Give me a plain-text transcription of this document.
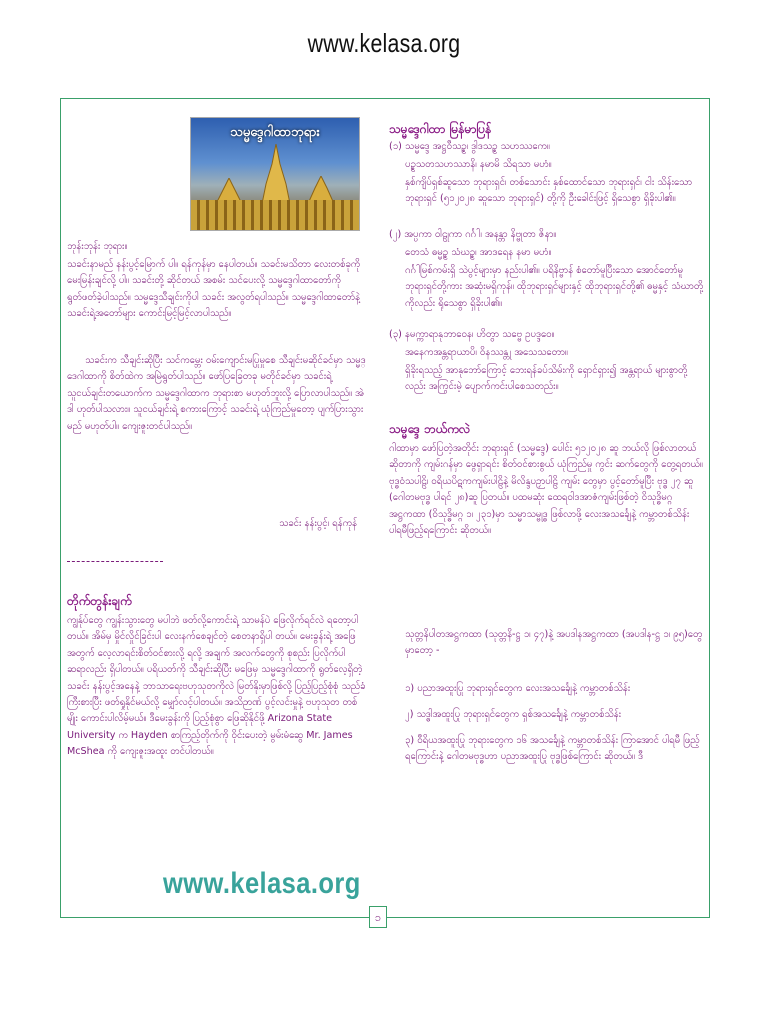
www.kelasa.org
သမ္မဒ္ဒေဂါထာဘုရား
ဘုန်းဘုန်း ဘုရား။
သခင်းနာမည် နန်းပွင့်မြောက် ပါ။ ရန်ကုန်မှာ နေပါတယ်။ သခင်းမသိတာ လေးတစ်ခုကို မေးမြန်းချင်လို့ ပါ။ သခင်းတို့ ဆိုင်တယ် အစမ်း သင်ပေးလို့ သမ္မဒ္ဒေဂါထာတော်ကို ရွတ်ဖတ်ခဲ့ပါသည်။ သမ္မဒ္ဒေသီချင်းကိုပါ သခင်း အလွတ်ရပါသည်။ သမ္မဒ္ဒေဂါထာတော်နဲ့ သခင်းရဲ့အတော်များ ကောင်းမြင့်မြင့်လာပါသည်။
သခင်းက သီချင်းဆိုပြီး သင်ကမ္ဘေး ဝမ်းကျောင်းမပြုမှုစေ သီချင်းမဆိုင်ခင်မှာ သမ္မဒ္ဒေဂါထာကို စိတ်ထဲက အမြဲရွတ်ပါသည်။ ဖော်ပြခြေတခု မတိုင်ခင်မှာ သခင်းရဲ့ သူငယ်ချင်းတယောက်က သမ္မဒ္ဒေဂါထာက ဘုရားစာ မဟုတ်ဘူးလို့ ပြောလာပါသည်။ အဲဒါ ဟုတ်ပါသလား။ သူငယ်ချင်းရဲ့ စကားကြောင့် သခင်းရဲ့ ယုံကြည်မှုတော့ ပျက်ပြားသွားမည် မဟုတ်ပါ။ ကျေးဇူးတင်ပါသည်။
သခင်း နန်းပွင့်၊ ရန်ကုန်
တိုက်တွန်းချက်
ကျွန်ုပ်တွေ ကျွန်းသွားတွေ မပါဘဲ ဖတ်လို့ကောင်းရဲ့ သာမန်ပဲ ဖြေလိုက်ရင်လဲ ရတော့ပါတယ်။ အိမ်မှ မှိုင်လှိုင်ခြင်းပါ လေးနက်စေချင်တဲ့ စေတနာရှိပါ တယ်။ မေးခွန်းရဲ့ အဖြေအတွက် လေ့လာရင်းစိတ်ဝင်စားလို့ ရလို့ အချက် အလက်တွေကို စုစည်း ပြလိုက်ပါ ဆရာလည်း ရှိပါတယ်။ ပရိယတ်ကို သီချင်းဆိုပြီး မဖြေမှ သမ္မဒ္ဒေဂါထာကို ရွတ်လေ့ရှိတဲ့ သခင်း နန်းပွင့်အနေနဲ့ ဘာသာရေးဗဟုသုတကိုလဲ မြတ်နိုးမှာဖြစ်လို့ ပြည့်ပြည့်စုံစုံ သည်ခံကြီးစားပြီး ဖတ်ရှုနိုင်မယ်လို့ မျှော်လင့်ပါတယ်။ အသိဉာဏ် ပွင့်လင်းမှုနဲ့ ဗဟုသုတ တစ်မျိုး ကောင်းပါလိမ့်မယ်။ ဒီမေးခွန်းကို ပြည့်စုံစွာ ဖြေဆိုနိုင်ဖို့ Arizona State University က Hayden စာကြည့်တိုက်ကို ဝိုင်းပေးတဲ့ မွမ်းမံဆွေ Mr. James McShea ကို ကျေးဇူးအထူး တင်ပါတယ်။
www.kelasa.org
သမ္မဒ္ဒေဂါထာ မြန်မာပြန်
(၁) သမ္မဒ္ဒေ အဋ္ဌဝီသဉ္စ၊ ဒွါဒသဉ္စ သဟဿကေ။
ပဉ္စသတသဟဿာနိ၊ နမာမိ သိရသာ မဟံ။
နှစ်ကျိပ်ရှစ်ဆူသော ဘုရားရှင်၊ တစ်သောင်း နှစ်ထောင်သော ဘုရားရှင်၊ ငါး သိန်းသော ဘုရားရှင် (၅၁၂၀၂၈ ဆူသော ဘုရားရှင်) တို့ကို ဦးခေါင်းဖြင့် ရှိသေစွာ ရှိခိုးပါ၏။
(၂) အပ္ပကာ ဝါဠုကာ ဂင်္ဂါ၊ အနန္တာ နိဗ္ဗုတာ ဇိနာ။
တေသံ ဓမ္မဉ္စ သံဃဉ္စ၊ အာဒရေန နမာ မဟံ။
ဂင်္ဂါမြစ်ကမ်းရှိ သဲပွင့်များမှာ နည်းပါ၏။ ပရိနိဗ္ဗာန် စံတော်မူပြီးသော အောင်တော်မူ ဘုရားရှင်တို့ကား အဆုံးမရှိကုန်။ ထိုဘုရားရှင်များနှင့် ထိုဘုရားရှင်တို့၏ ဓမ္မနှင့် သံဃာတို့ကိုလည်း ရိုသေစွာ ရှိခိုးပါ၏။
(၃) နမက္ကာရာနုဘာဝေန၊ ဟိတွာ သဗ္ဗေ ဥပဒ္ဒဝေ။
အနေကအန္တရာယာပိ၊ ဝိနဿန္တု အသေသတော။
ရှိခိုးရသည့် အာနုဘော်ကြောင့် ဘေးရန်ခပ်သိမ်းကို ရှောင်ရှား၍ အန္တရာယ် များစွာတို့လည်း အကြွင်းမဲ့ ပျောက်ကင်းပါစေသတည်း။
သမ္မဒ္ဒေ ဘယ်ကလဲ
ဂါထာမှာ ဖော်ပြတဲ့အတိုင်း ဘုရားရှင် (သမ္မဒ္ဒေ) ပေါင်း ၅၁၂၀၂၈ ဆူ ဘယ်လို ဖြစ်လာတယ်ဆိုတာကို ကျမ်းဂန်မှာ ဖွေရှာရင်း စိတ်ဝင်စားစွယ် ယုံကြည်မှု ကွင်း ဆက်တွေကို တွေ့ရတယ်။ ဗုဒ္ဓဝံသပါဠိ၊ ဝရိယပိဋကကျမ်းပါဠိနဲ့ မိလိန္ဒပဉှာပါဠိ ကျမ်း တွေမှာ ပွင့်တော်မူပြီး ဗုဒ္ဓ ၂၇ ဆူ (ဂေါတမဗုဒ္ဓ ပါရင် ၂၈)ဆူ ပြတယ်။ ပထမဆုံး ထေရဝါဒအာဇံကျမ်းဖြစ်တဲ့ ဝိသုဒ္ဓိမဂ္ဂအဋ္ဌကထာ (ဝိသုဒ္ဓိမဂ္ဂ ၁၊ ၂၃၁)မှာ သမ္မာသမ္ဗုဒ္ဓ ဖြစ်လာဖို့ လေးအသင်္ချေနဲ့ ကမ္ဘာတစ်သိန်း ပါရမီဖြည့်ရကြောင်း ဆိုတယ်။
သုတ္တနိပါတအဋ္ဌကထာ (သုတ္တနိ-ဋ္ဌ ၁၊ ၄၇)နဲ့ အပဒါနအဋ္ဌကထာ (အပဒါန-ဋ္ဌ ၁၊ ၉၅)တွေမှာတော့ -
၁) ပညာအထူးပြု ဘုရားရှင်တွေက လေးအသင်္ချေနဲ့ ကမ္ဘာတစ်သိန်း
၂) သဒ္ဓါအထူးပြု ဘုရားရှင်တွေက ရှစ်အသင်္ချေနဲ့ ကမ္ဘာတစ်သိန်း
၃) ဝီရိယအထူးပြု ဘုရားတွေက ၁၆ အသင်္ချေနဲ့ ကမ္ဘာတစ်သိန်း ကြာအောင် ပါရမီ ဖြည့်ရကြောင်းနဲ့ ဂေါတမဗုဒ္ဓဟာ ပညာအထူးပြု ဗုဒ္ဓဖြစ်ကြောင်း ဆိုတယ်။ ဒီ
၁
